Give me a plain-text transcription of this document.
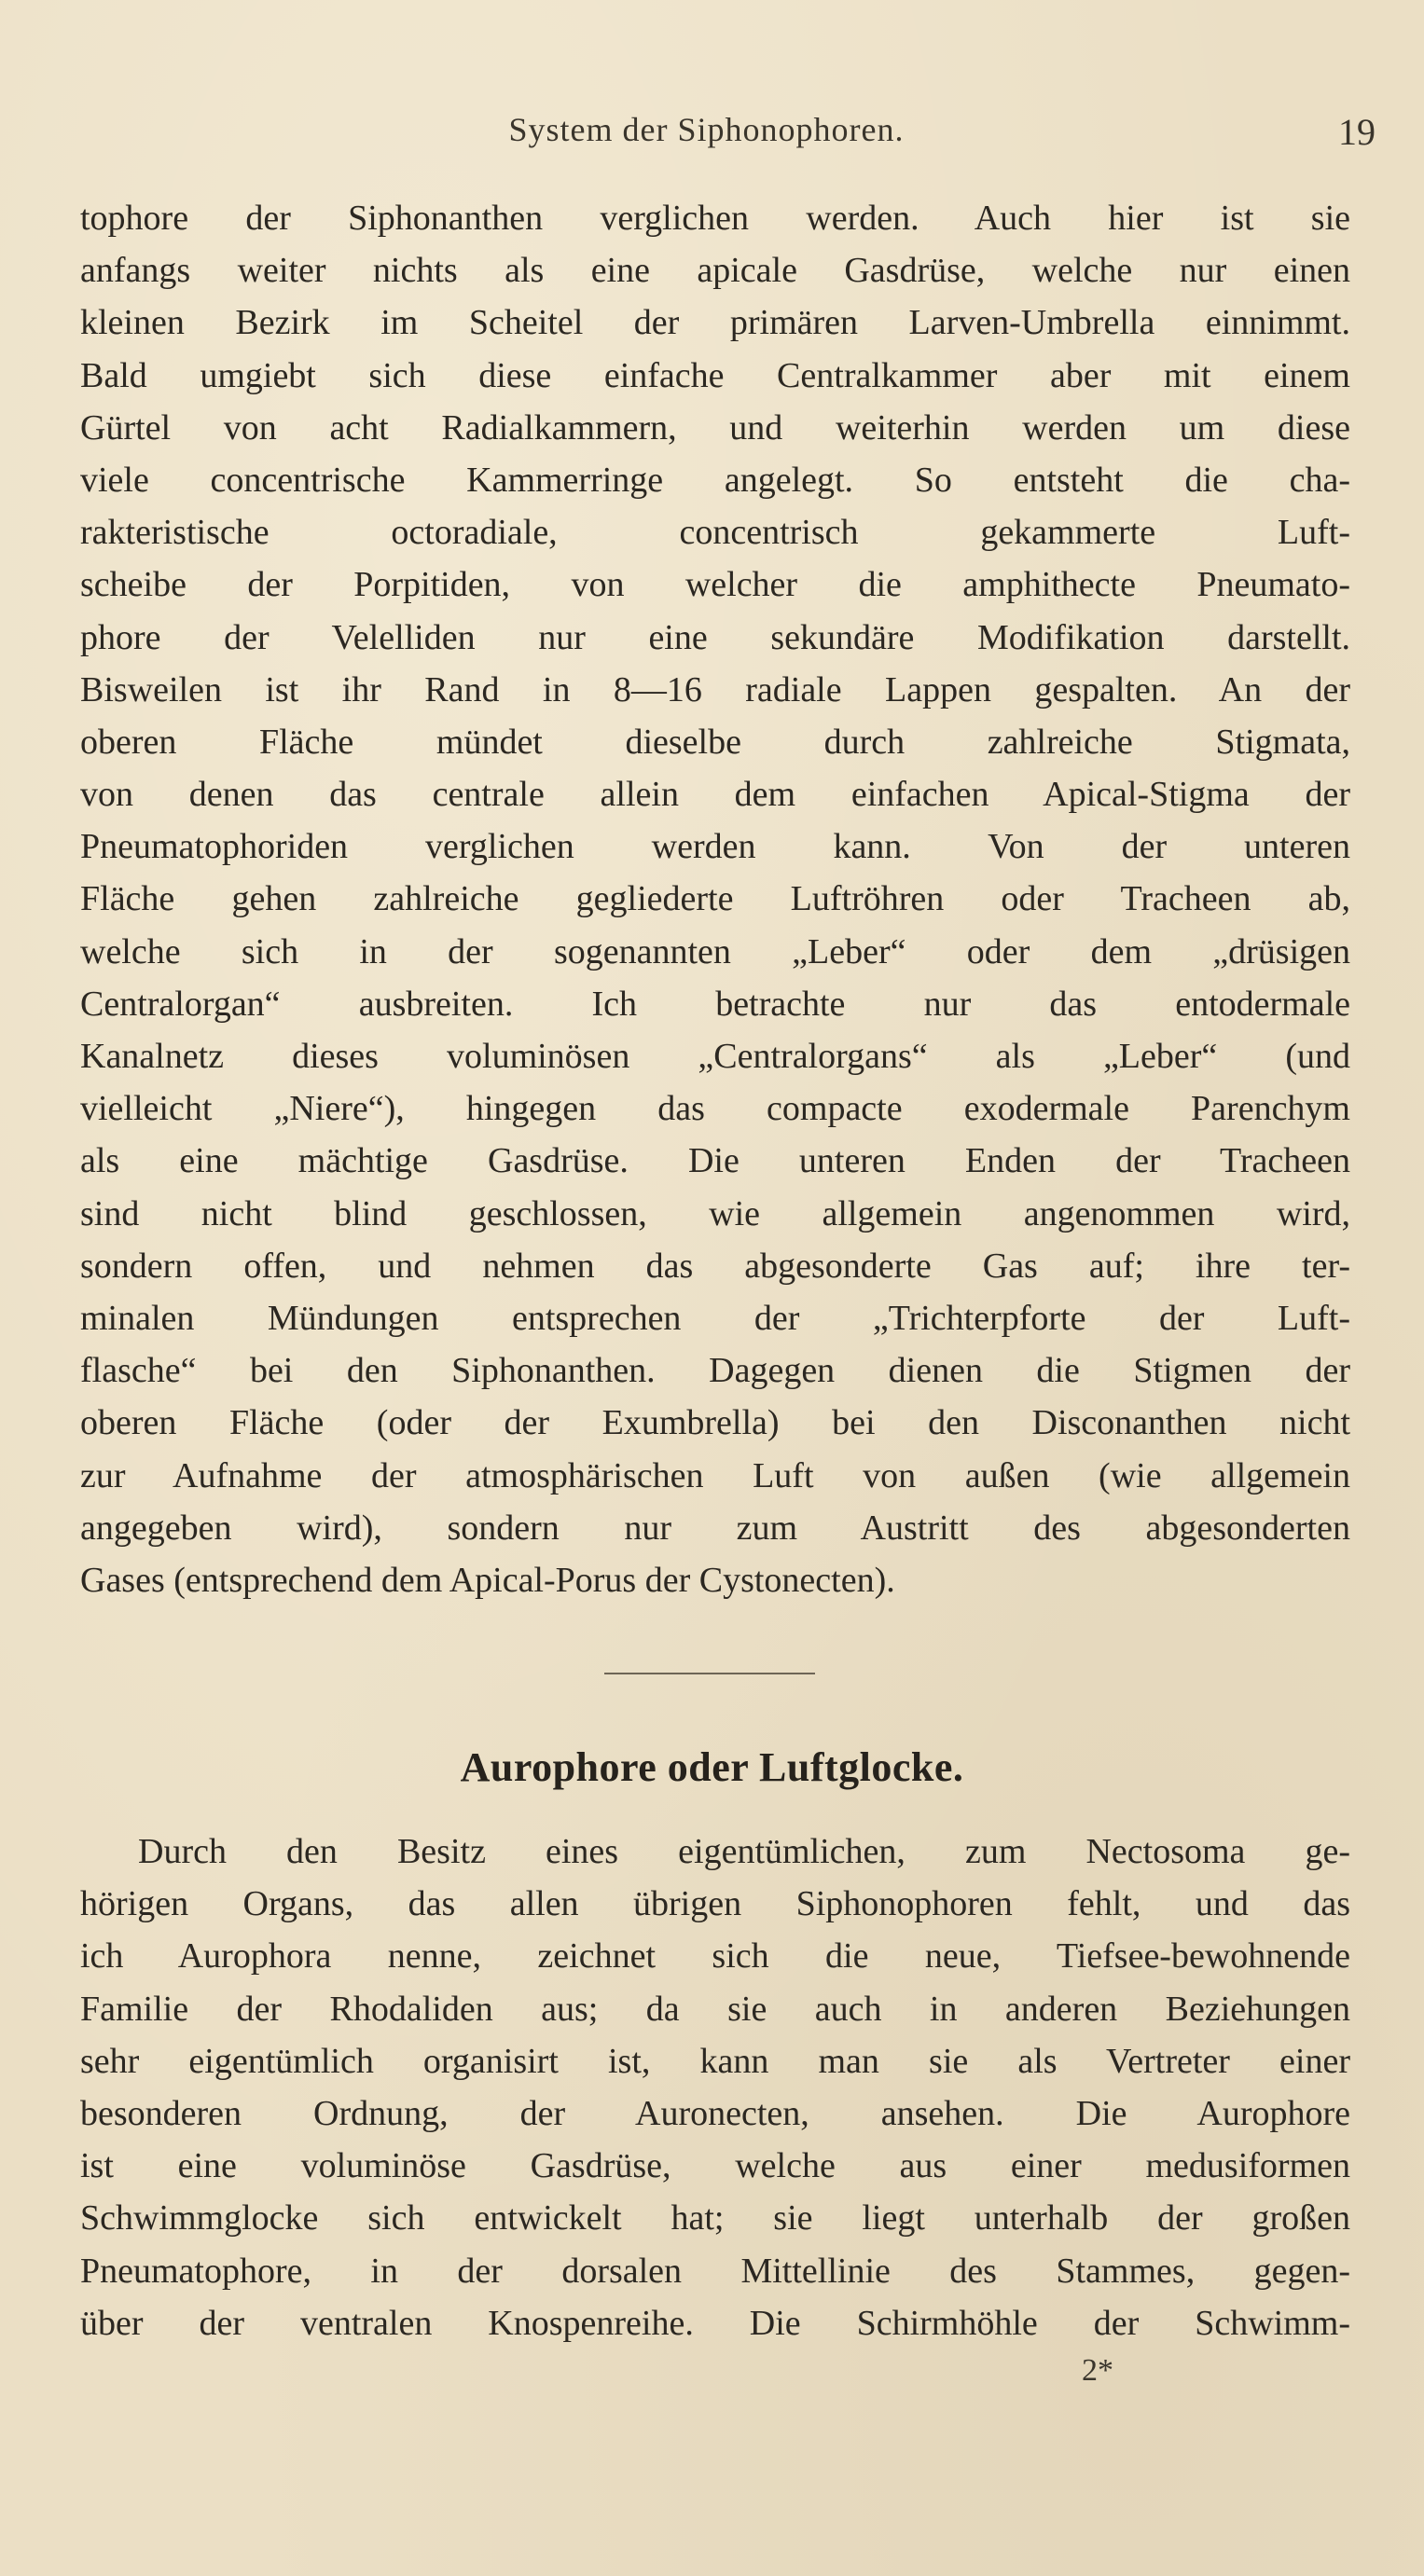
System der Siphonophoren.	19
tophore der Siphonanthen verglichen werden. Auch hier ist sie
anfangs weiter nichts als eine apicale Gasdrüse, welche nur einen
kleinen Bezirk im Scheitel der primären Larven-Umbrella einnimmt.
Bald umgiebt sich diese einfache Centralkammer aber mit einem
Gürtel von acht Radialkammern, und weiterhin werden um diese
viele concentrische Kammerringe angelegt. So entsteht die cha-
rakteristische octoradiale, concentrisch gekammerte Luft-
scheibe der Porpitiden, von welcher die amphithecte Pneumato-
phore der Velelliden nur eine sekundäre Modifikation darstellt.
Bisweilen ist ihr Rand in 8—16 radiale Lappen gespalten. An der
oberen Fläche mündet dieselbe durch zahlreiche Stigmata,
von denen das centrale allein dem einfachen Apical-Stigma der
Pneumatophoriden verglichen werden kann. Von der unteren
Fläche gehen zahlreiche gegliederte Luftröhren oder Tracheen ab,
welche sich in der sogenannten „Leber“ oder dem „drüsigen
Centralorgan“ ausbreiten. Ich betrachte nur das entodermale
Kanalnetz dieses voluminösen „Centralorgans“ als „Leber“ (und
vielleicht „Niere“), hingegen das compacte exodermale Parenchym
als eine mächtige Gasdrüse. Die unteren Enden der Tracheen
sind nicht blind geschlossen, wie allgemein angenommen wird,
sondern offen, und nehmen das abgesonderte Gas auf; ihre ter-
minalen Mündungen entsprechen der „Trichterpforte der Luft-
flasche“ bei den Siphonanthen. Dagegen dienen die Stigmen der
oberen Fläche (oder der Exumbrella) bei den Disconanthen nicht
zur Aufnahme der atmosphärischen Luft von außen (wie allgemein
angegeben wird), sondern nur zum Austritt des abgesonderten
Gases (entsprechend dem Apical-Porus der Cystonecten).
Aurophore oder Luftglocke.
Durch den Besitz eines eigentümlichen, zum Nectosoma ge-
hörigen Organs, das allen übrigen Siphonophoren fehlt, und das
ich Aurophora nenne, zeichnet sich die neue, Tiefsee-bewohnende
Familie der Rhodaliden aus; da sie auch in anderen Beziehungen
sehr eigentümlich organisirt ist, kann man sie als Vertreter einer
besonderen Ordnung, der Auronecten, ansehen. Die Aurophore
ist eine voluminöse Gasdrüse, welche aus einer medusiformen
Schwimmglocke sich entwickelt hat; sie liegt unterhalb der großen
Pneumatophore, in der dorsalen Mittellinie des Stammes, gegen-
über der ventralen Knospenreihe. Die Schirmhöhle der Schwimm-
2*
